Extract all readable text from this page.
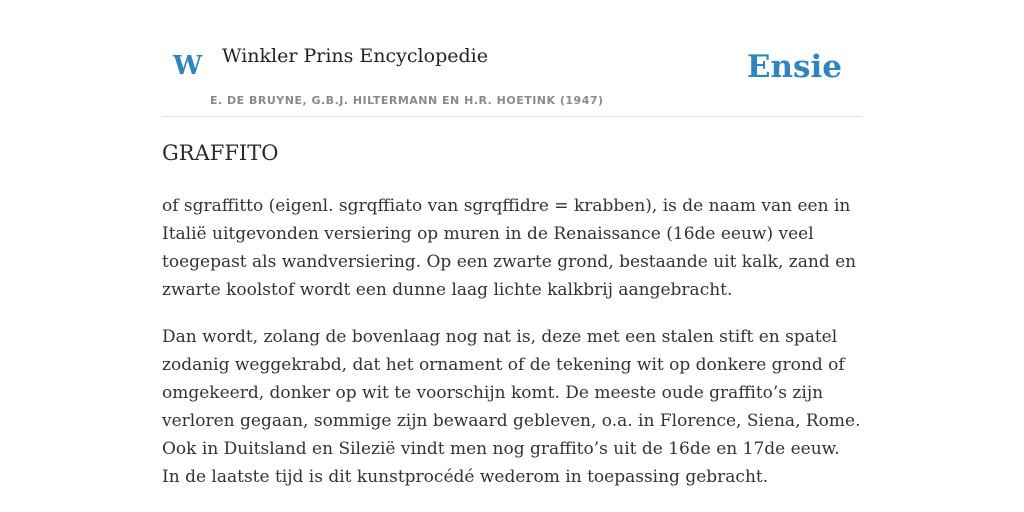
W Winkler Prins Encyclopedie
E. DE BRUYNE, G.B.J. HILTERMANN EN H.R. HOETINK (1947)
Ensie
GRAFFITO

of sgraffitto (eigenl. sgrqffiato van sgrqffidre = krabben), is de naam van een in Italië uitgevonden versiering op muren in de Renaissance (16de eeuw) veel toegepast als wandversiering. Op een zwarte grond, bestaande uit kalk, zand en zwarte koolstof wordt een dunne laag lichte kalkbrij aangebracht.

Dan wordt, zolang de bovenlaag nog nat is, deze met een stalen stift en spatel zodanig weggekrabd, dat het ornament of de tekening wit op donkere grond of omgekeerd, donker op wit te voorschijn komt. De meeste oude graffito’s zijn verloren gegaan, sommige zijn bewaard gebleven, o.a. in Florence, Siena, Rome. Ook in Duitsland en Silezië vindt men nog graffito’s uit de 16de en 17de eeuw. In de laatste tijd is dit kunstprocédé wederom in toepassing gebracht.
